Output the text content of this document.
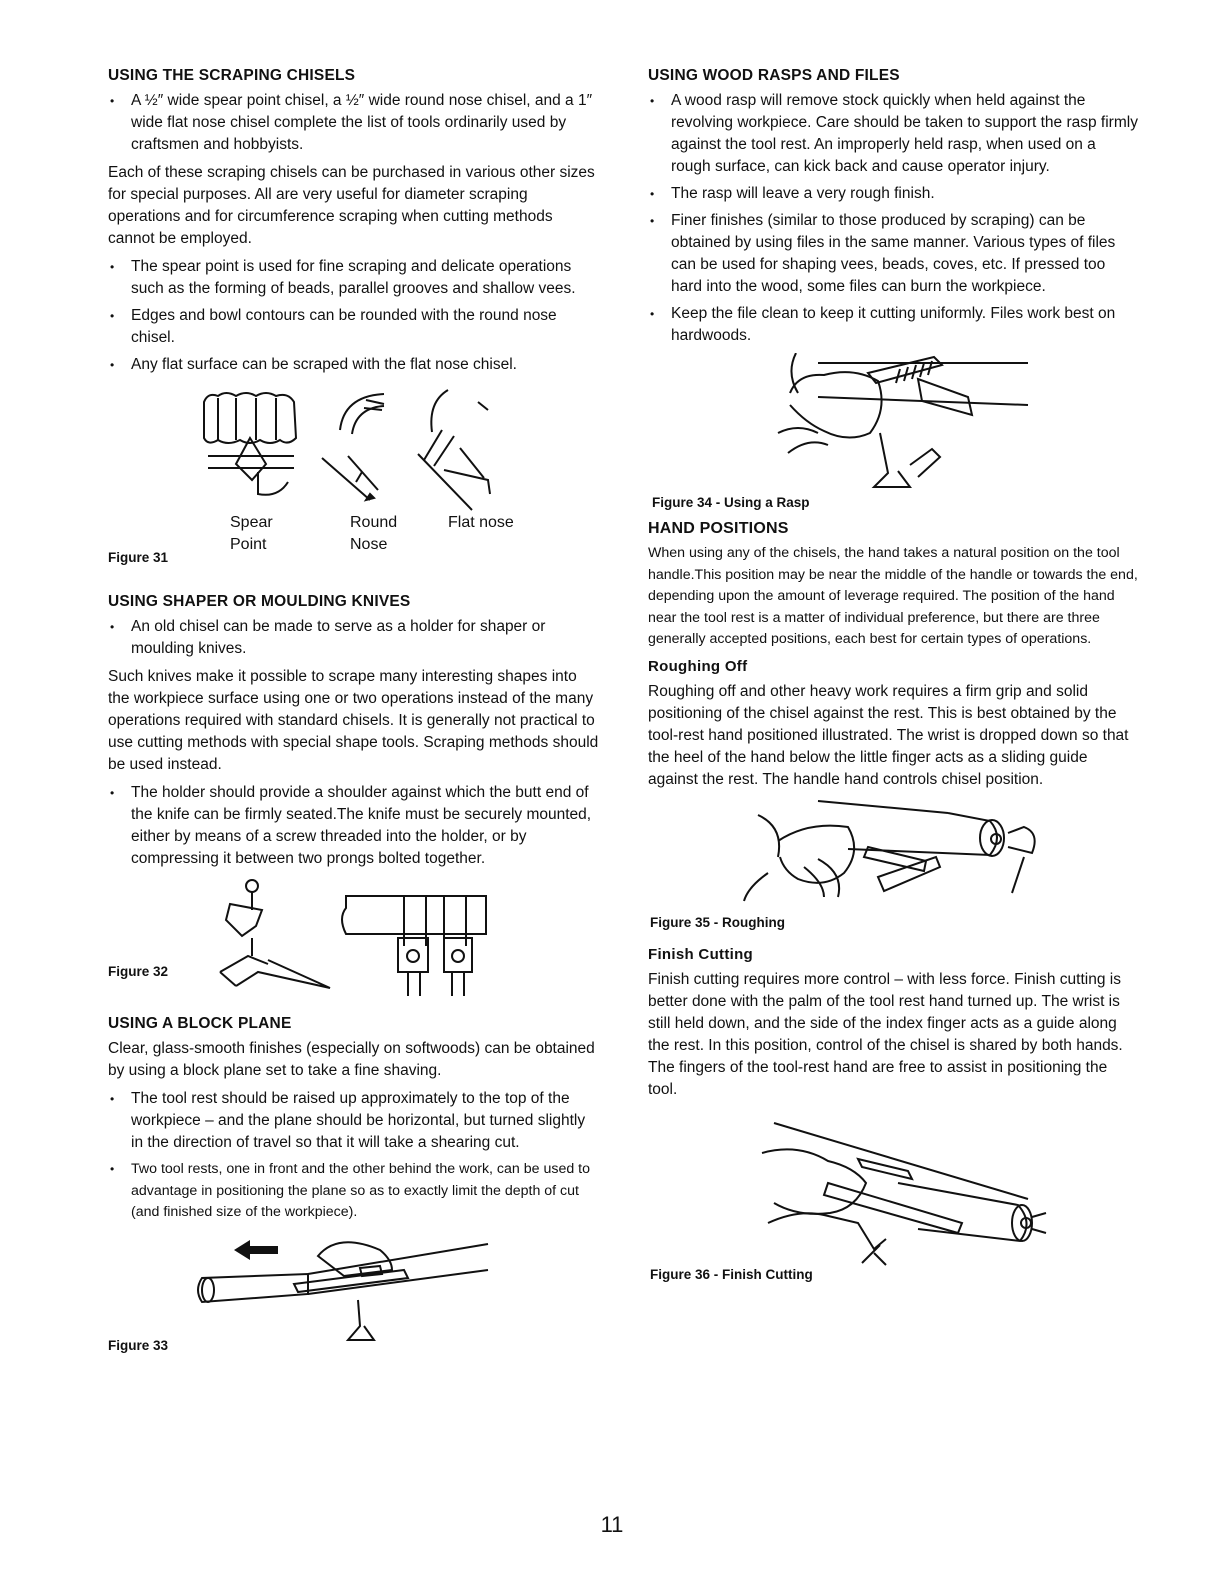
USING THE SCRAPING CHISELS
• A ½″ wide spear point chisel, a ½″ wide round nose chisel, and a 1″ wide flat nose chisel complete the list of tools ordinarily used by craftsmen and hobbyists.

Each of these scraping chisels can be purchased in various other sizes for special purposes. All are very useful for diameter scraping operations and for circumference scraping when cutting methods cannot be employed.

• The spear point is used for fine scraping and delicate operations such as the forming of beads, parallel grooves and shallow vees.
• Edges and bowl contours can be rounded with the round nose chisel.
• Any flat surface can be scraped with the flat nose chisel.
Spear
Point
Round
Nose
Flat nose
Figure 31
USING SHAPER OR MOULDING KNIVES
• An old chisel can be made to serve as a holder for shaper or moulding knives.

Such knives make it possible to scrape many interesting shapes into the workpiece surface using one or two operations instead of the many operations required with standard chisels. It is generally not practical to use cutting methods with special shape tools. Scraping methods should be used instead.

• The holder should provide a shoulder against which the butt end of the knife can be firmly seated.The knife must be securely mounted, either by means of a screw threaded into the holder, or by compressing it between two prongs bolted together.
Figure 32
USING A BLOCK PLANE

Clear, glass-smooth finishes (especially on softwoods) can be obtained by using a block plane set to take a fine shaving.

• The tool rest should be raised up approximately to the top of the workpiece – and the plane should be horizontal, but turned slightly in the direction of travel so that it will take a shearing cut.
• Two tool rests, one in front and the other behind the work, can be used to advantage in positioning the plane so as to exactly limit the depth of cut (and finished size of the workpiece).
Figure 33
USING WOOD RASPS AND FILES
• A wood rasp will remove stock quickly when held against the revolving workpiece. Care should be taken to support the rasp firmly against the tool rest. An improperly held rasp, when used on a rough surface, can kick back and cause operator injury.
• The rasp will leave a very rough finish.
• Finer finishes (similar to those produced by scraping) can be obtained by using files in the same manner. Various types of files can be used for shaping vees, beads, coves, etc. If pressed too hard into the wood, some files can burn the workpiece.
• Keep the file clean to keep it cutting uniformly. Files work best on hardwoods.
Figure 34 - Using a Rasp
HAND POSITIONS

When using any of the chisels, the hand takes a natural position on the tool handle.This position may be near the middle of the handle or towards the end, depending upon the amount of leverage required. The position of the hand near the tool rest is a matter of individual preference, but there are three generally accepted positions, each best for certain types of operations.

Roughing Off

Roughing off and other heavy work requires a firm grip and solid positioning of the chisel against the rest. This is best obtained by the tool-rest hand positioned illustrated. The wrist is dropped down so that the heel of the hand below the little finger acts as a sliding guide against the rest. The handle hand controls chisel position.

Figure 35 - Roughing
Finish Cutting

Finish cutting requires more control – with less force. Finish cutting is better done with the palm of the tool rest hand turned up. The wrist is still held down, and the side of the index finger acts as a guide along the rest. In this position, control of the chisel is shared by both hands. The fingers of the tool-rest hand are free to assist in positioning the tool.

Figure 36 - Finish Cutting
11
